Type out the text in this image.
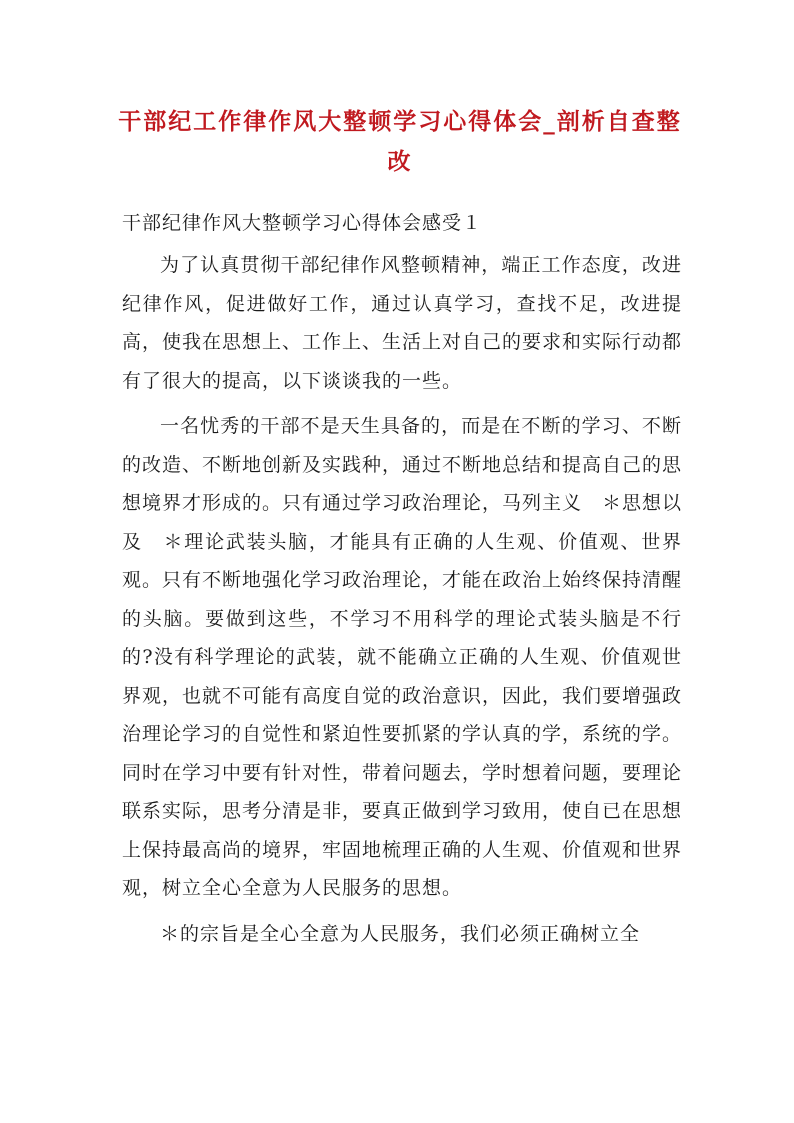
干部纪工作律作风大整顿学习心得体会_剖析自查整改
干部纪律作风大整顿学习心得体会感受１

为了认真贯彻干部纪律作风整顿精神，端正工作态度，改进纪律作风，促进做好工作，通过认真学习，查找不足，改进提高，使我在思想上、工作上、生活上对自己的要求和实际行动都有了很大的提高，以下谈谈我的一些。

一名忧秀的干部不是天生具备的，而是在不断的学习、不断的改造、不断地创新及实践种，通过不断地总结和提高自己的思想境界才形成的。只有通过学习政治理论，马列主义　＊思想以及　＊理论武装头脑，才能具有正确的人生观、价值观、世界观。只有不断地强化学习政治理论，才能在政治上始终保持清醒的头脑。要做到这些，不学习不用科学的理论式装头脑是不行的?没有科学理论的武装，就不能确立正确的人生观、价值观世界观，也就不可能有高度自觉的政治意识，因此，我们要增强政治理论学习的自觉性和紧迫性要抓紧的学认真的学，系统的学。同时在学习中要有针对性，带着问题去，学时想着问题，要理论联系实际，思考分清是非，要真正做到学习致用，使自已在思想上保持最高尚的境界，牢固地梳理正确的人生观、价值观和世界观，树立全心全意为人民服务的思想。

＊的宗旨是全心全意为人民服务，我们必须正确树立全
